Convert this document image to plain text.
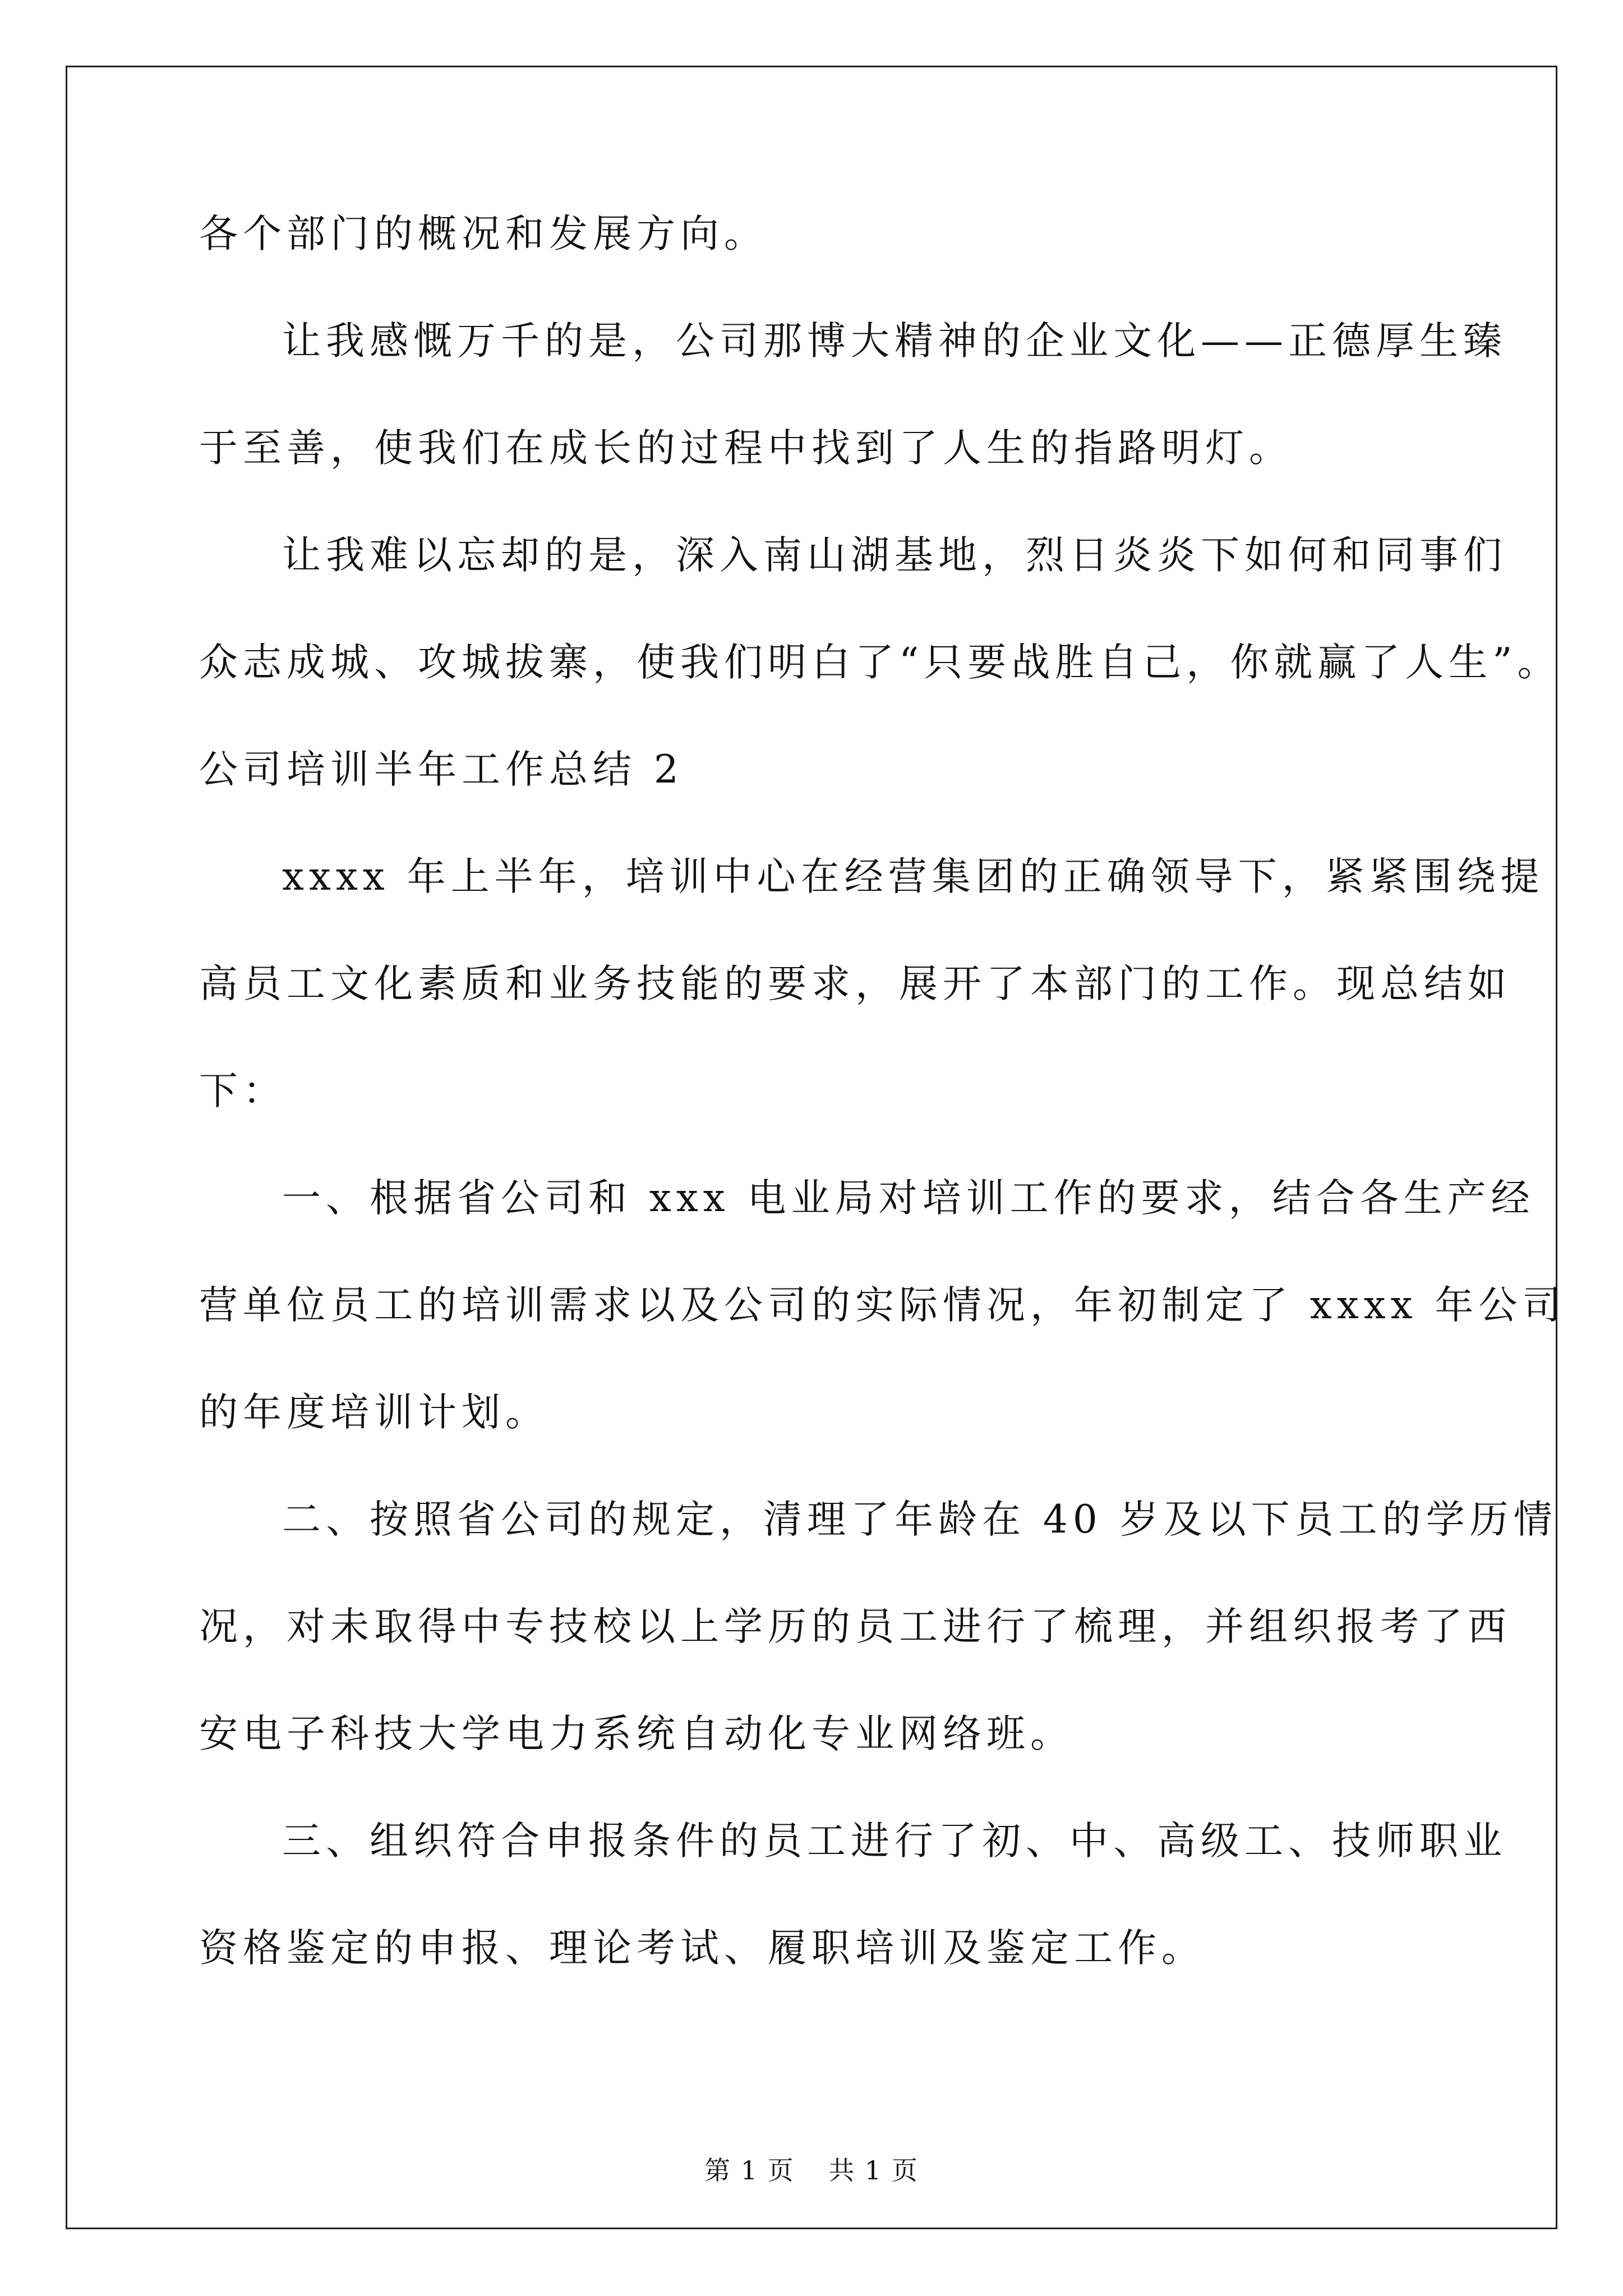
各个部门的概况和发展方向。

让我感慨万千的是，公司那博大精神的企业文化——正德厚生臻

于至善，使我们在成长的过程中找到了人生的指路明灯。

让我难以忘却的是，深入南山湖基地，烈日炎炎下如何和同事们

众志成城、攻城拔寨，使我们明白了“只要战胜自己，你就赢了人生”。

公司培训半年工作总结 2

xxxx 年上半年，培训中心在经营集团的正确领导下，紧紧围绕提

高员工文化素质和业务技能的要求，展开了本部门的工作。现总结如

下：

一、根据省公司和 xxx 电业局对培训工作的要求，结合各生产经

营单位员工的培训需求以及公司的实际情况，年初制定了 xxxx 年公司

的年度培训计划。

二、按照省公司的规定，清理了年龄在 40 岁及以下员工的学历情

况，对未取得中专技校以上学历的员工进行了梳理，并组织报考了西

安电子科技大学电力系统自动化专业网络班。

三、组织符合申报条件的员工进行了初、中、高级工、技师职业

资格鉴定的申报、理论考试、履职培训及鉴定工作。

第 1 页 共 1 页
